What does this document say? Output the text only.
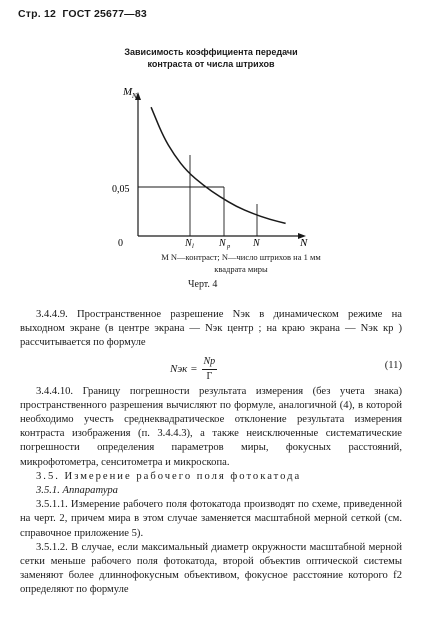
Стр. 12 ГОСТ 25677—83
Зависимость коэффициента передачи
контраста от числа штрихов
M N
N
0
0,05
N l	N p N
M N—контраст; N—число штрихов на 1 мм
квадрата миры
Черт. 4

3.4.4.9. Пространственное разрешение Nэк в динамическом режиме на выходном экране (в центре экрана — Nэк центр ; на краю экрана — Nэк кр ) рассчитывается по формуле

Nэк = $\frac{Np}{Г}$	(11)

3.4.4.10. Границу погрешности результата измерения (без учета знака) пространственного разрешения вычисляют по формуле, аналогичной (4), в которой необходимо учесть среднеквадратическое отклонение результата измерения контраста изображения (п. 3.4.4.3), а также неисключенные систематические погрешности определения параметров миры, фокусных расстояний, микрофотометра, сенситометра и микроскопа.

3.5. Измерение рабочего поля фотокатода

3.5.1. Аппаратура

3.5.1.1. Измерение рабочего поля фотокатода производят по схеме, приведенной на черт. 2, причем мира в этом случае заменяется масштабной мерной сеткой (см. справочное приложение 5).

3.5.1.2. В случае, если максимальный диаметр окружности масштабной мерной сетки меньше рабочего поля фотокатода, второй объектив оптической системы заменяют более длиннофокусным объективом, фокусное расстояние которого f2 определяют по формуле
